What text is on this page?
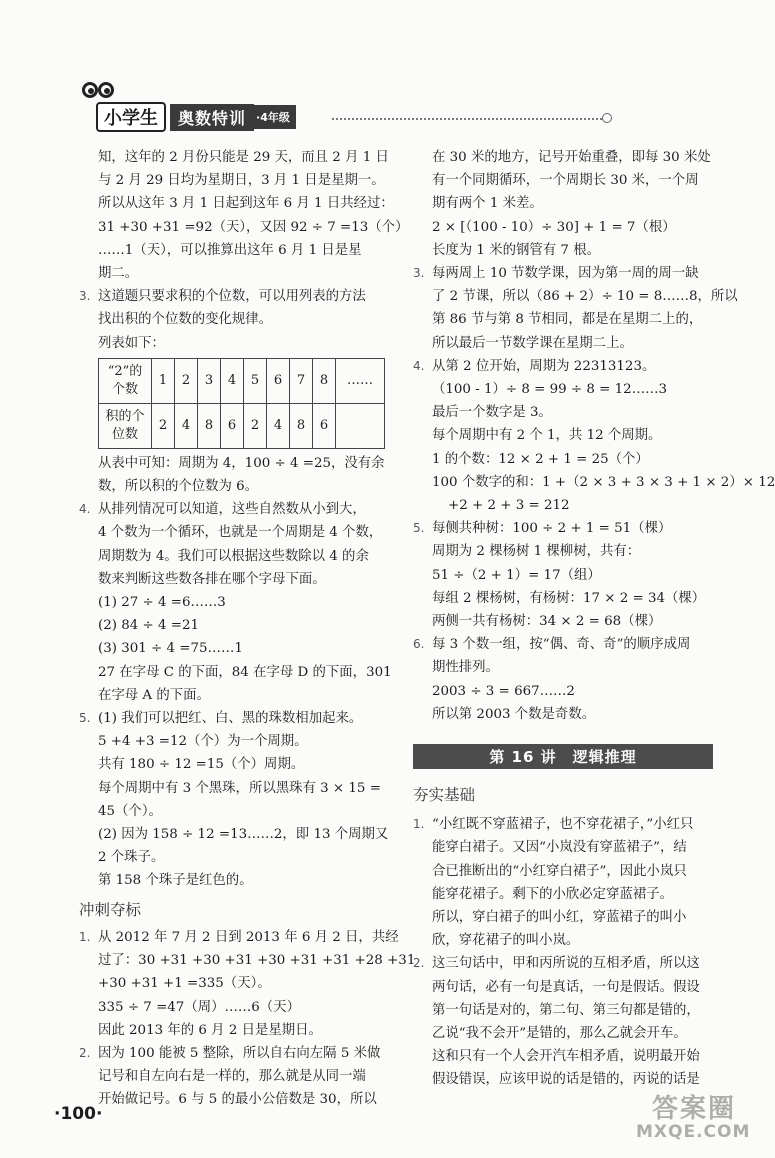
小学生	奥数特训 ·4年级
知，这年的 2 月份只能是 29 天，而且 2 月 1 日
与 2 月 29 日均为星期日，3 月 1 日是星期一。
所以从这年 3 月 1 日起到这年 6 月 1 日共经过：
31 +30 +31 =92（天），又因 92 ÷ 7 =13（个）
……1（天），可以推算出这年 6 月 1 日是星
期二。
3. 这道题只要求积的个位数，可以用列表的方法
找出积的个位数的变化规律。
列表如下：
“2”的
个数	1	2	3	4	5	6	7	8	……
积的个
位数	2	4	8	6	2	4	8	6	
从表中可知：周期为 4，100 ÷ 4 =25，没有余
数，所以积的个位数为 6。
4. 从排列情况可以知道，这些自然数从小到大，
4 个数为一个循环，也就是一个周期是 4 个数，
周期数为 4。我们可以根据这些数除以 4 的余
数来判断这些数各排在哪个字母下面。
(1) 27 ÷ 4 =6……3
(2) 84 ÷ 4 =21
(3) 301 ÷ 4 =75……1
27 在字母 C 的下面，84 在字母 D 的下面，301
在字母 A 的下面。
5. (1) 我们可以把红、白、黑的珠数相加起来。
5 +4 +3 =12（个）为一个周期。
共有 180 ÷ 12 =15（个）周期。
每个周期中有 3 个黑珠，所以黑珠有 3 × 15 =
45（个）。
(2) 因为 158 ÷ 12 =13……2，即 13 个周期又
2 个珠子。
第 158 个珠子是红色的。
冲刺夺标
1. 从 2012 年 7 月 2 日到 2013 年 6 月 2 日，共经
过了：30 +31 +30 +31 +30 +31 +31 +28 +31
+30 +31 +1 =335（天）。
335 ÷ 7 =47（周）……6（天）
因此 2013 年的 6 月 2 日是星期日。
2. 因为 100 能被 5 整除，所以自右向左隔 5 米做
记号和自左向右是一样的，那么就是从同一端
开始做记号。6 与 5 的最小公倍数是 30，所以
在 30 米的地方，记号开始重叠，即每 30 米处
有一个同期循环，一个周期长 30 米，一个周
期有两个 1 米差。
2 × [（100 - 10）÷ 30] + 1 = 7（根）
长度为 1 米的钢管有 7 根。
3. 每两周上 10 节数学课，因为第一周的周一缺
了 2 节课，所以（86 + 2）÷ 10 = 8……8，所以
第 86 节与第 8 节相同，都是在星期二上的，
所以最后一节数学课在星期二上。
4. 从第 2 位开始，周期为 22313123。
（100 - 1）÷ 8 = 99 ÷ 8 = 12……3
最后一个数字是 3。
每个周期中有 2 个 1，共 12 个周期。
1 的个数：12 × 2 + 1 = 25（个）
100 个数字的和：1 +（2 × 3 + 3 × 3 + 1 × 2）× 12
+2 + 2 + 3 = 212
5. 每侧共种树：100 ÷ 2 + 1 = 51（棵）
周期为 2 棵杨树 1 棵柳树，共有：
51 ÷（2 + 1）= 17（组）
每组 2 棵杨树，有杨树：17 × 2 = 34（棵）
两侧一共有杨树：34 × 2 = 68（棵）
6. 每 3 个数一组，按“偶、奇、奇”的顺序成周
期性排列。
2003 ÷ 3 = 667……2
所以第 2003 个数是奇数。
第 16 讲 逻辑推理
夯实基础
1. “小红既不穿蓝裙子，也不穿花裙子，”小红只
能穿白裙子。又因“小岚没有穿蓝裙子”，结
合已推断出的“小红穿白裙子”，因此小岚只
能穿花裙子。剩下的小欣必定穿蓝裙子。
所以，穿白裙子的叫小红，穿蓝裙子的叫小
欣，穿花裙子的叫小岚。
2. 这三句话中，甲和丙所说的互相矛盾，所以这
两句话，必有一句是真话，一句是假话。假设
第一句话是对的，第二句、第三句都是错的，
乙说“我不会开”是错的，那么乙就会开车。
这和只有一个人会开汽车相矛盾，说明最开始
假设错误，应该甲说的话是错的，丙说的话是
·100·	答案圈
MXQE.COM
